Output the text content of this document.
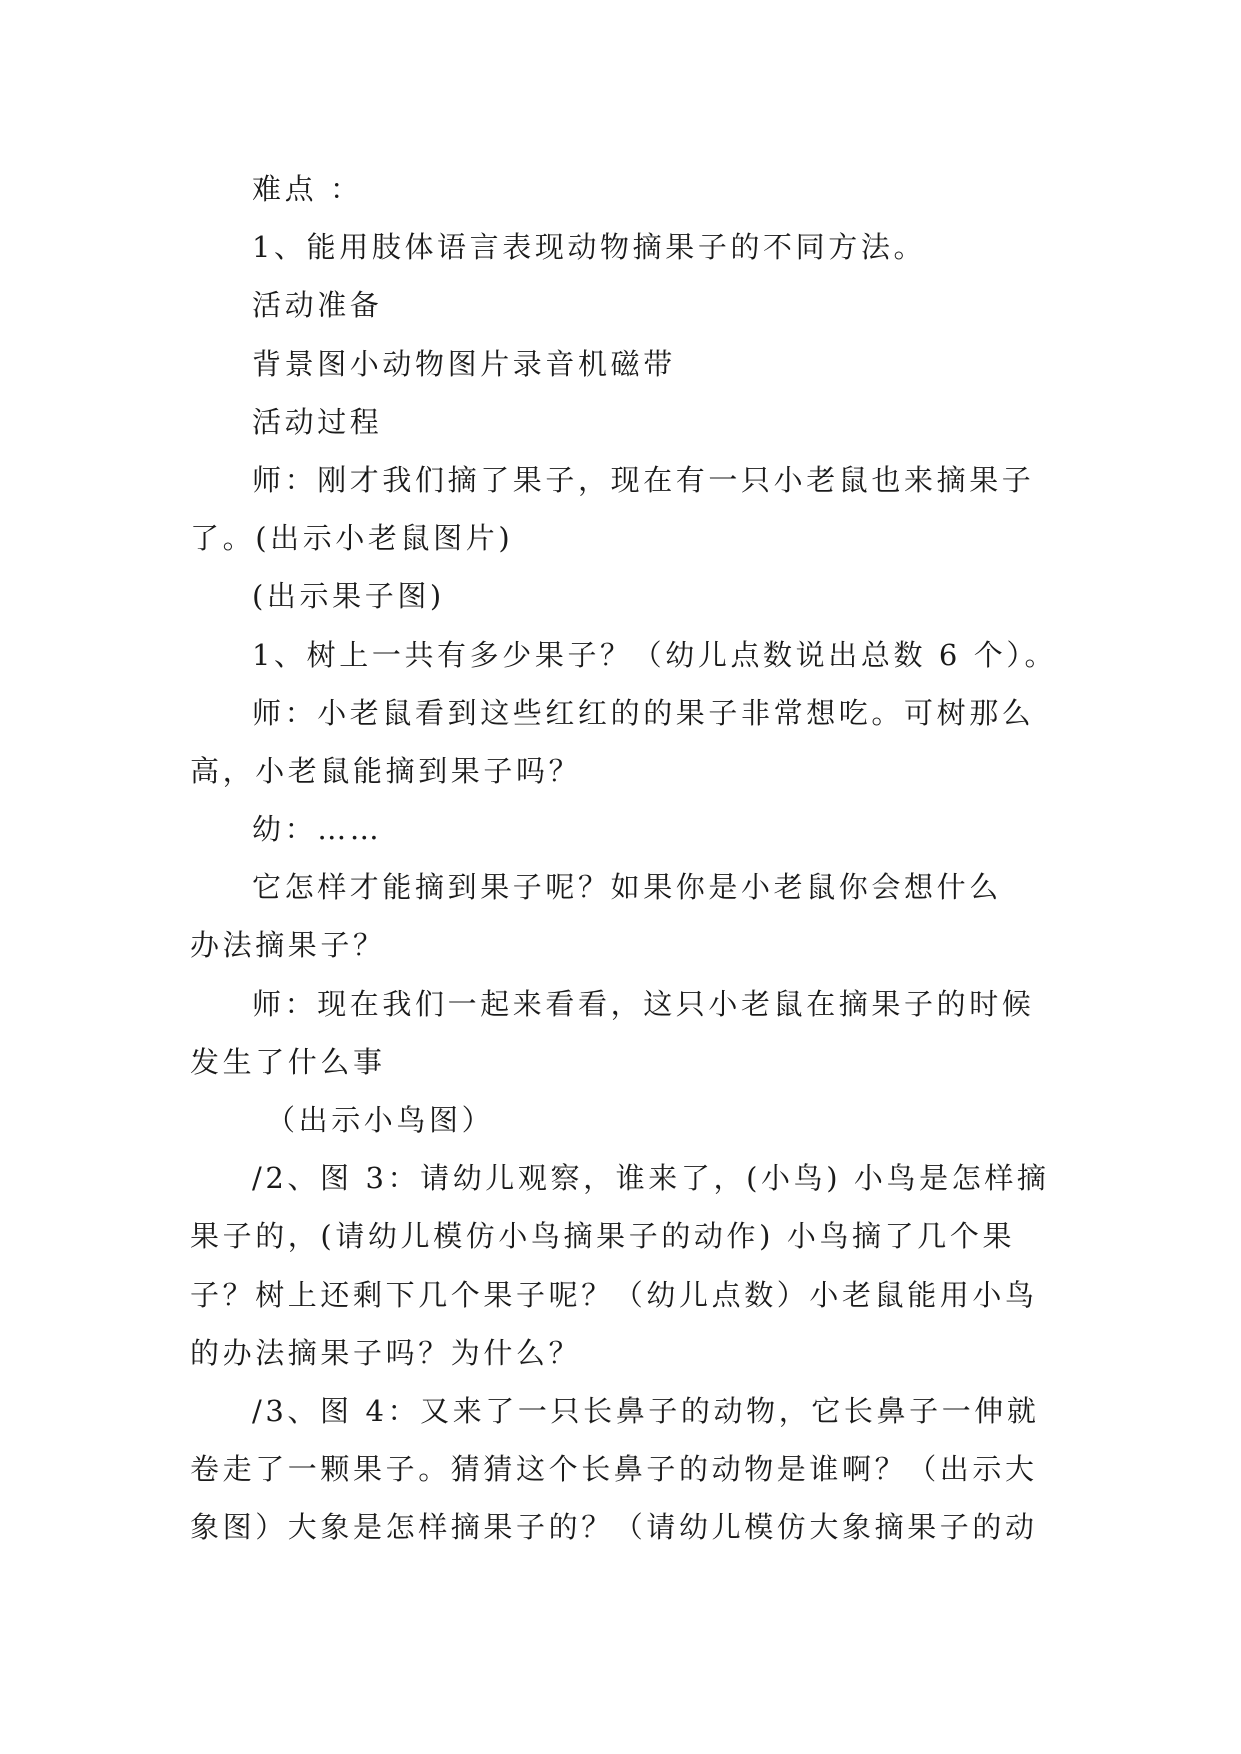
难点 ：
1、能用肢体语言表现动物摘果子的不同方法。
活动准备
背景图小动物图片录音机磁带
活动过程
师：刚才我们摘了果子，现在有一只小老鼠也来摘果子
了。(出示小老鼠图片)
(出示果子图)
1、树上一共有多少果子？（幼儿点数说出总数 6 个）。
师：小老鼠看到这些红红的的果子非常想吃。可树那么
高，小老鼠能摘到果子吗？
幼：……
它怎样才能摘到果子呢？如果你是小老鼠你会想什么
办法摘果子？
师：现在我们一起来看看，这只小老鼠在摘果子的时候
发生了什么事
（出示小鸟图）
/2、图 3：请幼儿观察，谁来了，(小鸟) 小鸟是怎样摘
果子的，(请幼儿模仿小鸟摘果子的动作) 小鸟摘了几个果
子？树上还剩下几个果子呢？（幼儿点数）小老鼠能用小鸟
的办法摘果子吗？为什么？
/3、图 4：又来了一只长鼻子的动物，它长鼻子一伸就
卷走了一颗果子。猜猜这个长鼻子的动物是谁啊？（出示大
象图）大象是怎样摘果子的？（请幼儿模仿大象摘果子的动
